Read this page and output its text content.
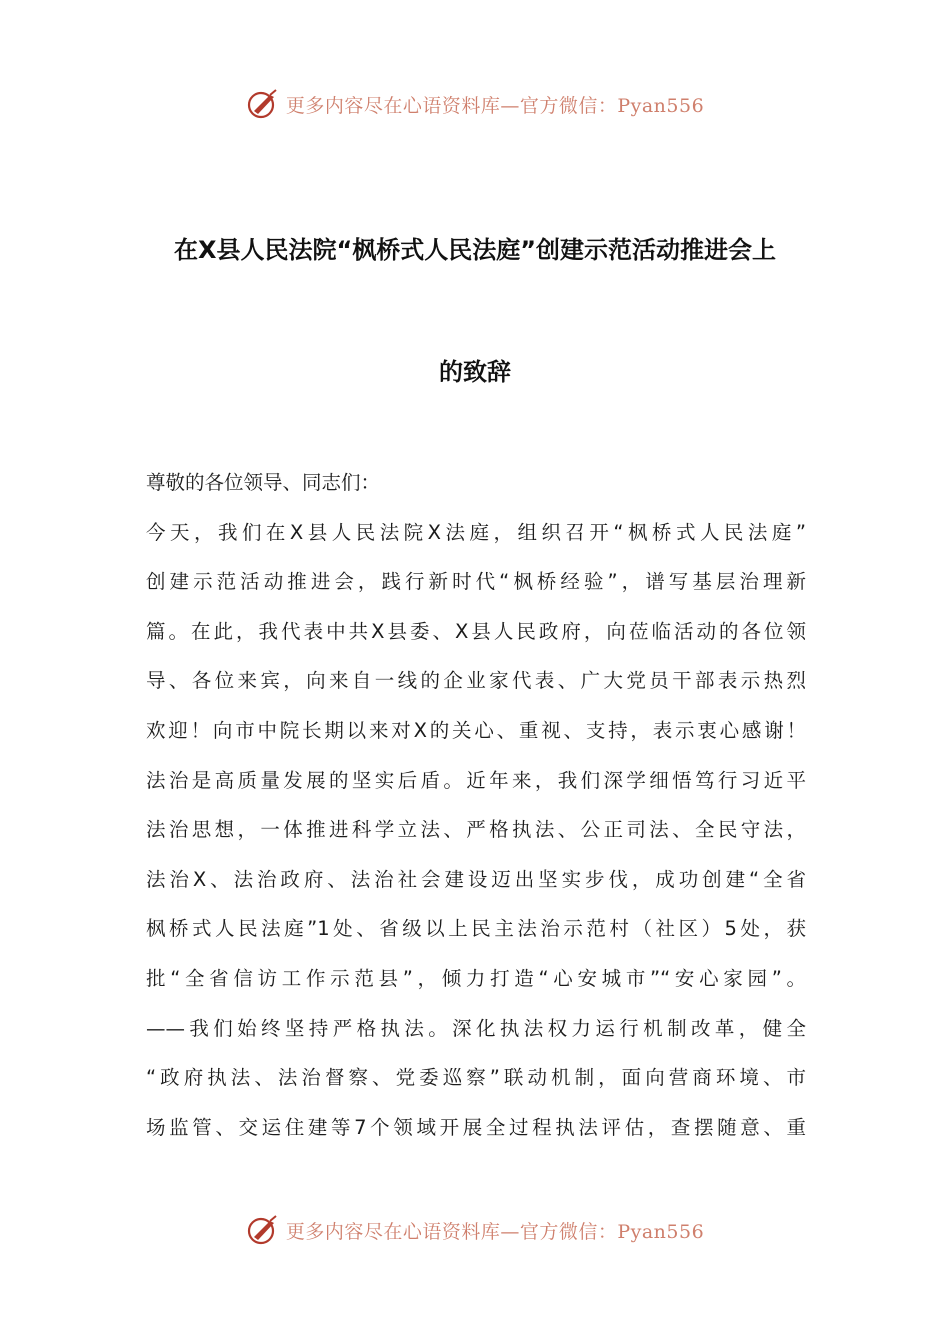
更多内容尽在心语资料库—官方微信：Pyan556
在X县人民法院“枫桥式人民法庭”创建示范活动推进会上
的致辞
尊敬的各位领导、同志们：
今天，我们在X县人民法院X法庭，组织召开“枫桥式人民法庭”
创建示范活动推进会，践行新时代“枫桥经验”，谱写基层治理新
篇。在此，我代表中共X县委、X县人民政府，向莅临活动的各位领
导、各位来宾，向来自一线的企业家代表、广大党员干部表示热烈
欢迎！向市中院长期以来对X的关心、重视、支持，表示衷心感谢！
法治是高质量发展的坚实后盾。近年来，我们深学细悟笃行习近平
法治思想，一体推进科学立法、严格执法、公正司法、全民守法，
法治X、法治政府、法治社会建设迈出坚实步伐，成功创建“全省
枫桥式人民法庭”1处、省级以上民主法治示范村（社区）5处，获
批“全省信访工作示范县”，倾力打造“心安城市”“安心家园”。
——我们始终坚持严格执法。深化执法权力运行机制改革，健全
“政府执法、法治督察、党委巡察”联动机制，面向营商环境、市
场监管、交运住建等7个领域开展全过程执法评估，查摆随意、重
更多内容尽在心语资料库—官方微信：Pyan556
